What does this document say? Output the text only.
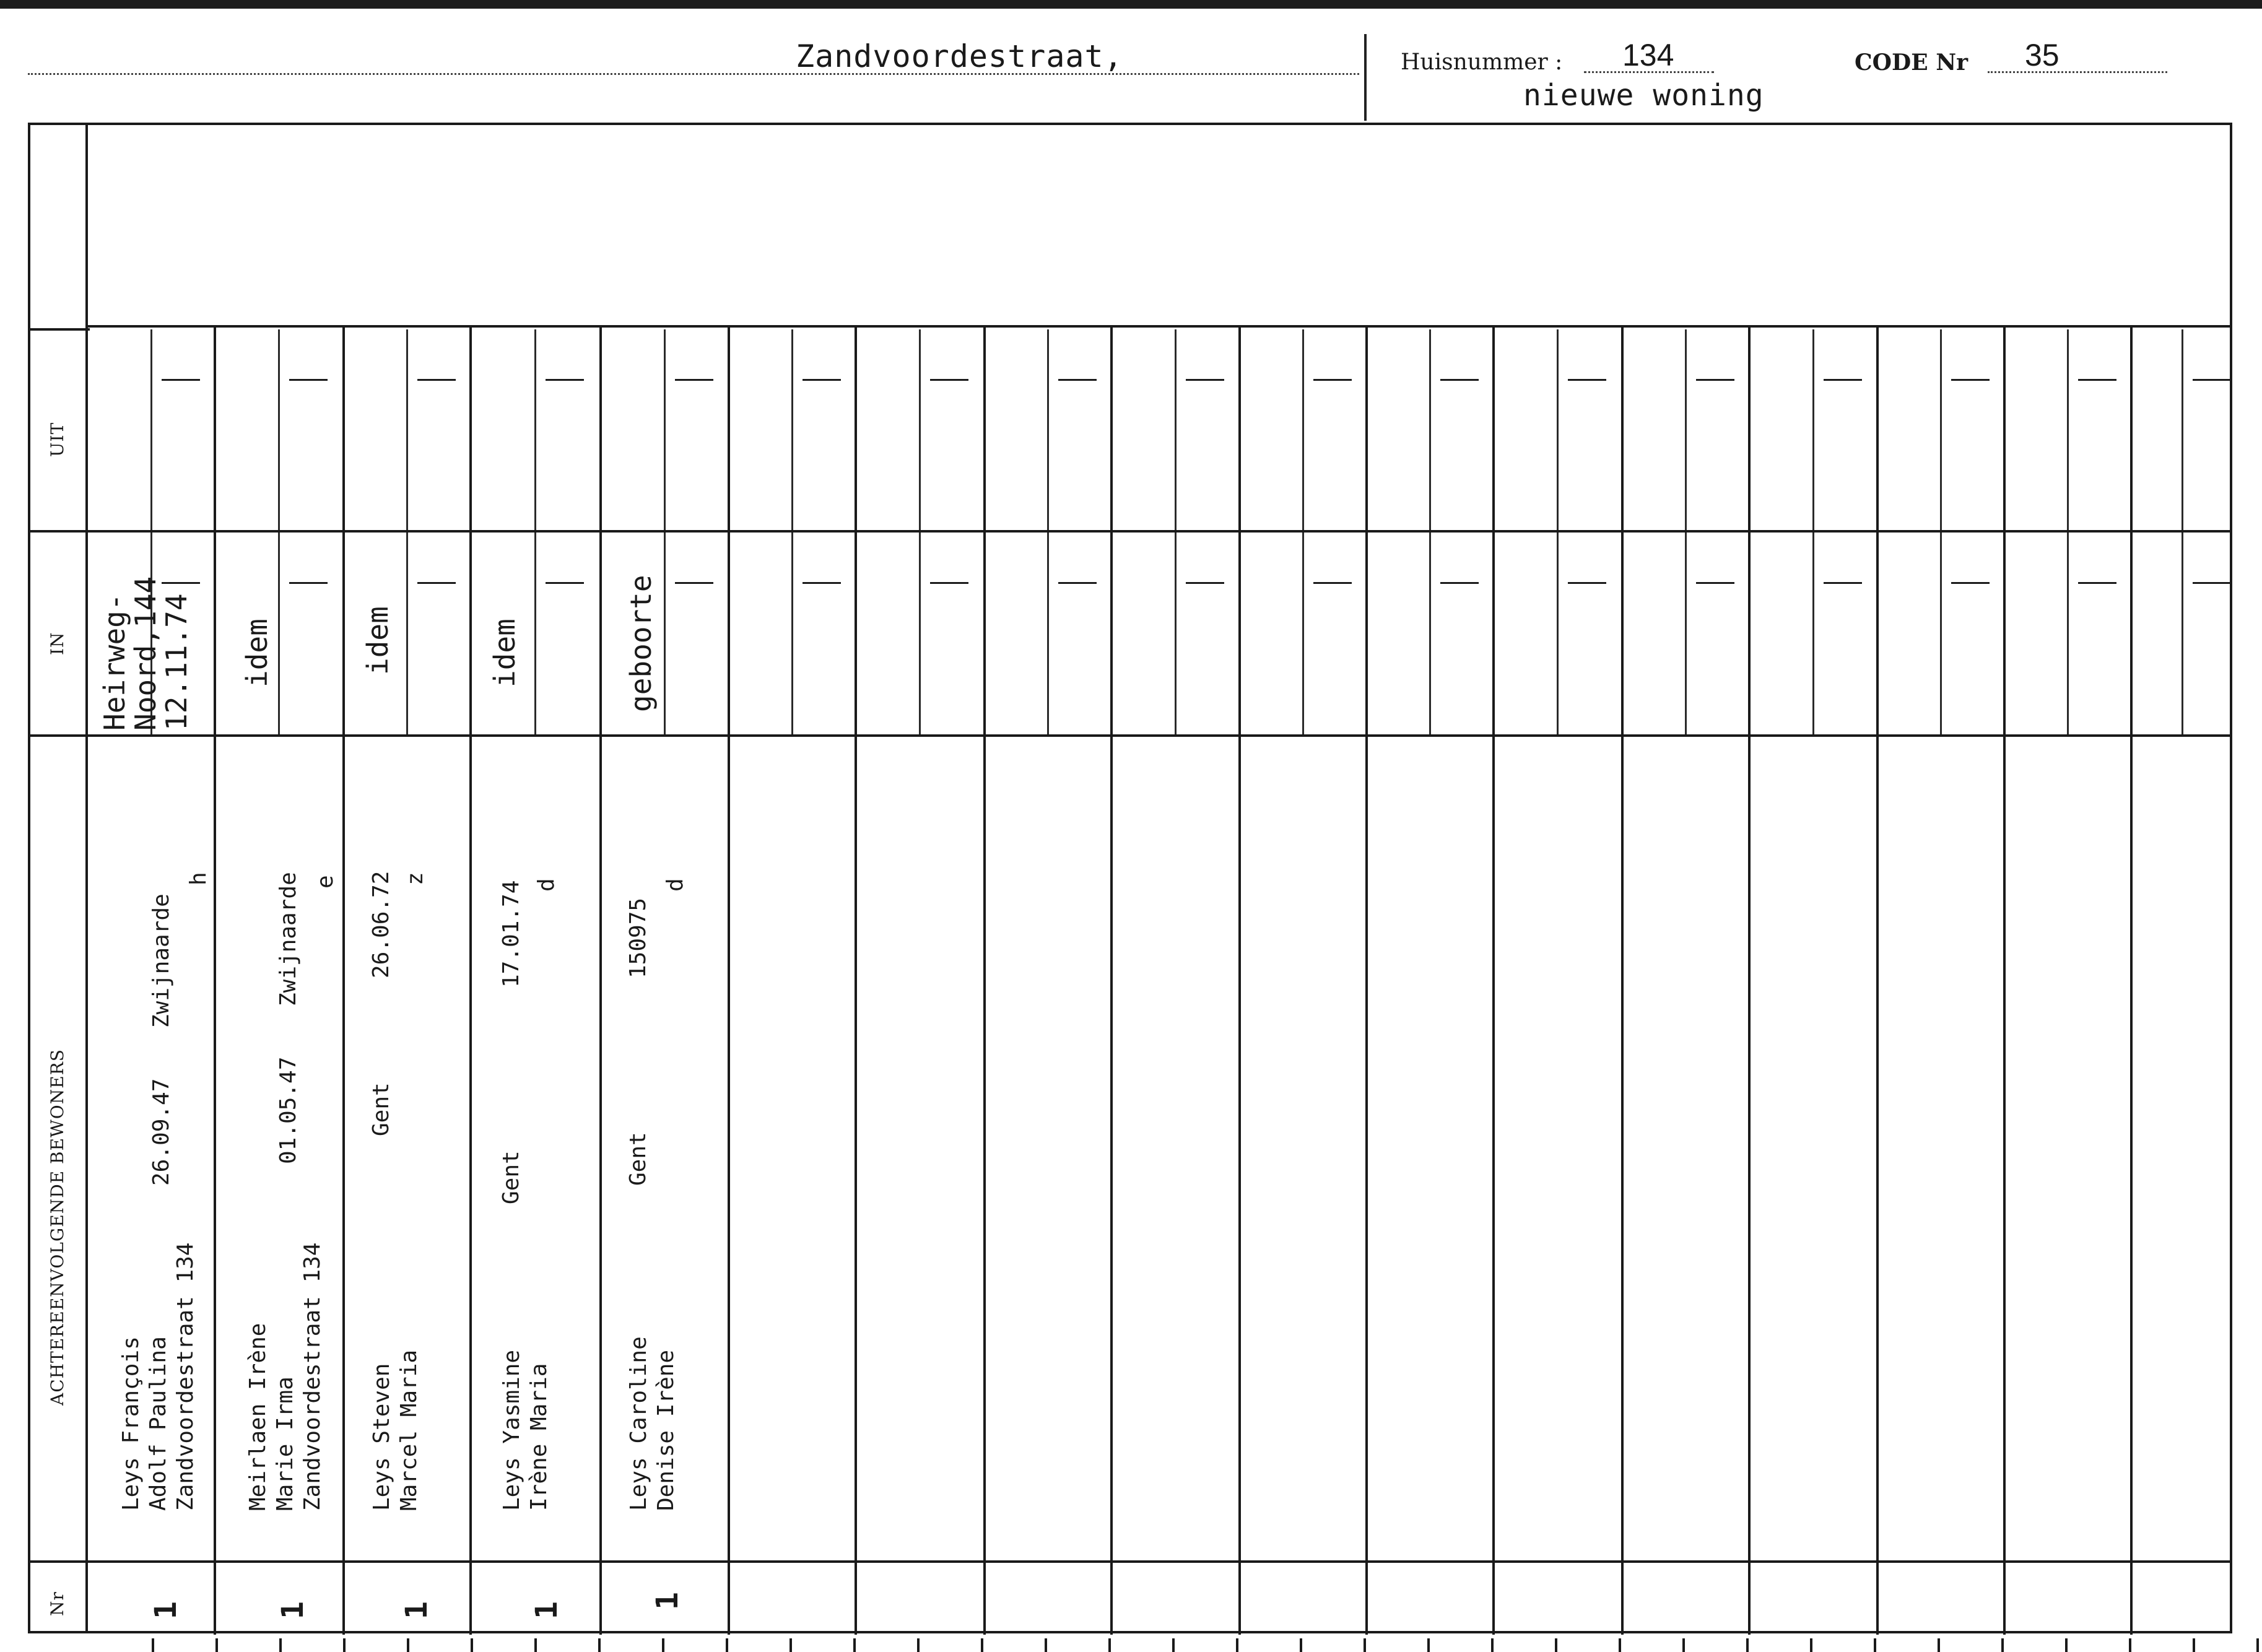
Zandvoordestraat,	Huisnummer : 134	CODE Nr 35
nieuwe woning
UIT
IN
ACHTEREENVOLGENDE BEWONERS
Nr
Leys François Adolf Paulina Zandvoordestraat 134
26.09.47
Zwijnaarde
h
Heirweg-
Noord,144
12.11.74
1
Meirlaen Irène Marie Irma Zandvoordestraat 134
01.05.47
Zwijnaarde e
idem
1
Leys Steven Marcel Maria
Gent
26.06.72 z
idem
1
Leys Yasmine Irène Maria
Gent
17.01.74 d
idem
1
Leys Caroline Denise Irène
Gent
150975
d
geboorte
1
